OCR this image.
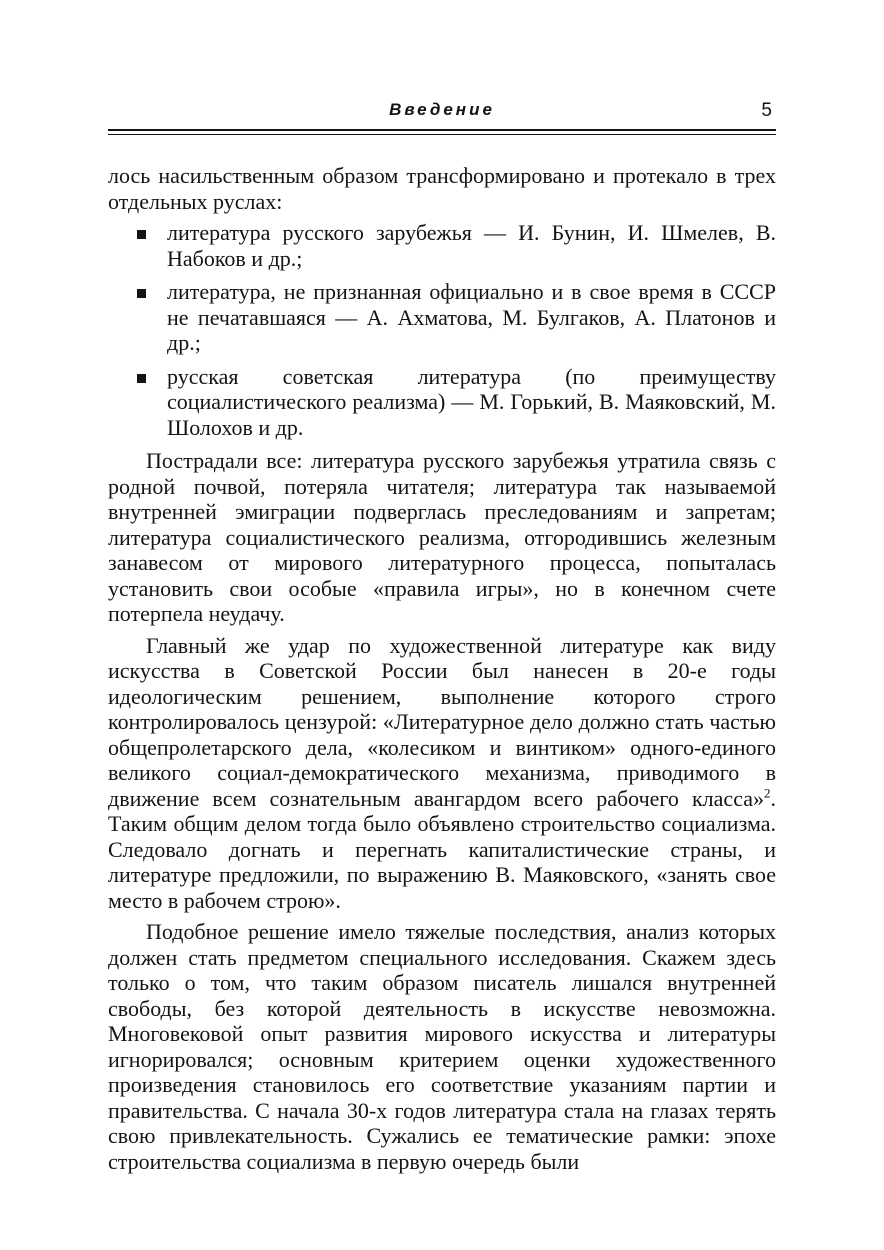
Введение	5

лось насильственным образом трансформировано и протекало в трех отдельных руслах:

литература русского зарубежья — И. Бунин, И. Шмелев, В. Набоков и др.;
литература, не признанная официально и в свое время в СССР не печатавшаяся — А. Ахматова, М. Булгаков, А. Платонов и др.;
русская советская литература (по преимуществу социалистического реализма) — М. Горький, В. Маяковский, М. Шолохов и др.

Пострадали все: литература русского зарубежья утратила связь с родной почвой, потеряла читателя; литература так называемой внутренней эмиграции подверглась преследованиям и запретам; литература социалистического реализма, отгородившись железным занавесом от мирового литературного процесса, попыталась установить свои особые «правила игры», но в конечном счете потерпела неудачу.

Главный же удар по художественной литературе как виду искусства в Советской России был нанесен в 20-е годы идеологическим решением, выполнение которого строго контролировалось цензурой: «Литературное дело должно стать частью общепролетарского дела, «колесиком и винтиком» одного-единого великого социал-демократического механизма, приводимого в движение всем сознательным авангардом всего рабочего класса»$^2$. Таким общим делом тогда было объявлено строительство социализма. Следовало догнать и перегнать капиталистические страны, и литературе предложили, по выражению В. Маяковского, «занять свое место в рабочем строю».

Подобное решение имело тяжелые последствия, анализ которых должен стать предметом специального исследования. Скажем здесь только о том, что таким образом писатель лишался внутренней свободы, без которой деятельность в искусстве невозможна. Многовековой опыт развития мирового искусства и литературы игнорировался; основным критерием оценки художественного произведения становилось его соответствие указаниям партии и правительства. С начала 30-х годов литература стала на глазах терять свою привлекательность. Сужались ее тематические рамки: эпохе строительства социализма в первую очередь были
